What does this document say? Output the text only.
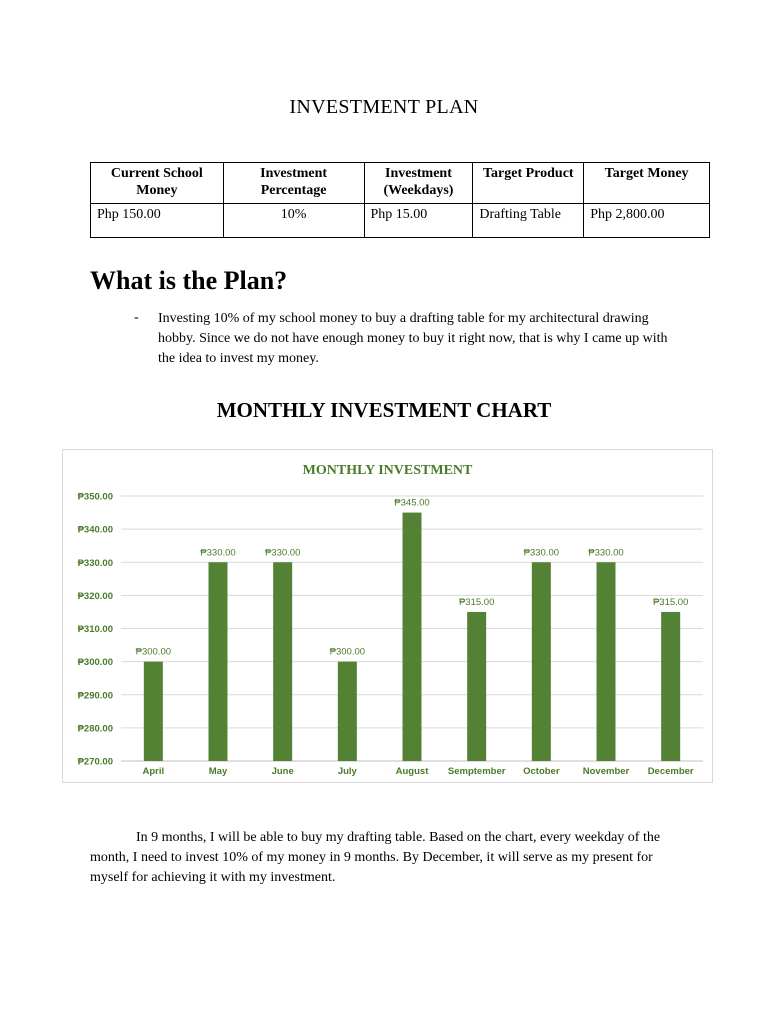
INVESTMENT PLAN
Current School Money	Investment Percentage	Investment (Weekdays)	Target Product	Target Money
Php 150.00	10%	Php 15.00	Drafting Table	Php 2,800.00
What is the Plan?
- Investing 10% of my school money to buy a drafting table for my architectural drawing hobby. Since we do not have enough money to buy it right now, that is why I came up with the idea to invest my money.
MONTHLY INVESTMENT CHART
MONTHLY INVESTMENT
₱270.00
₱280.00
₱290.00
₱300.00
₱310.00
₱320.00
₱330.00
₱340.00
₱350.00
₱300.00
April
₱330.00
May
₱330.00
June
₱300.00
July
₱345.00
August
₱315.00
Semptember
₱330.00
October
₱330.00
November
₱315.00
December
In 9 months, I will be able to buy my drafting table. Based on the chart, every weekday of the month, I need to invest 10% of my money in 9 months. By December, it will serve as my present for myself for achieving it with my investment.
